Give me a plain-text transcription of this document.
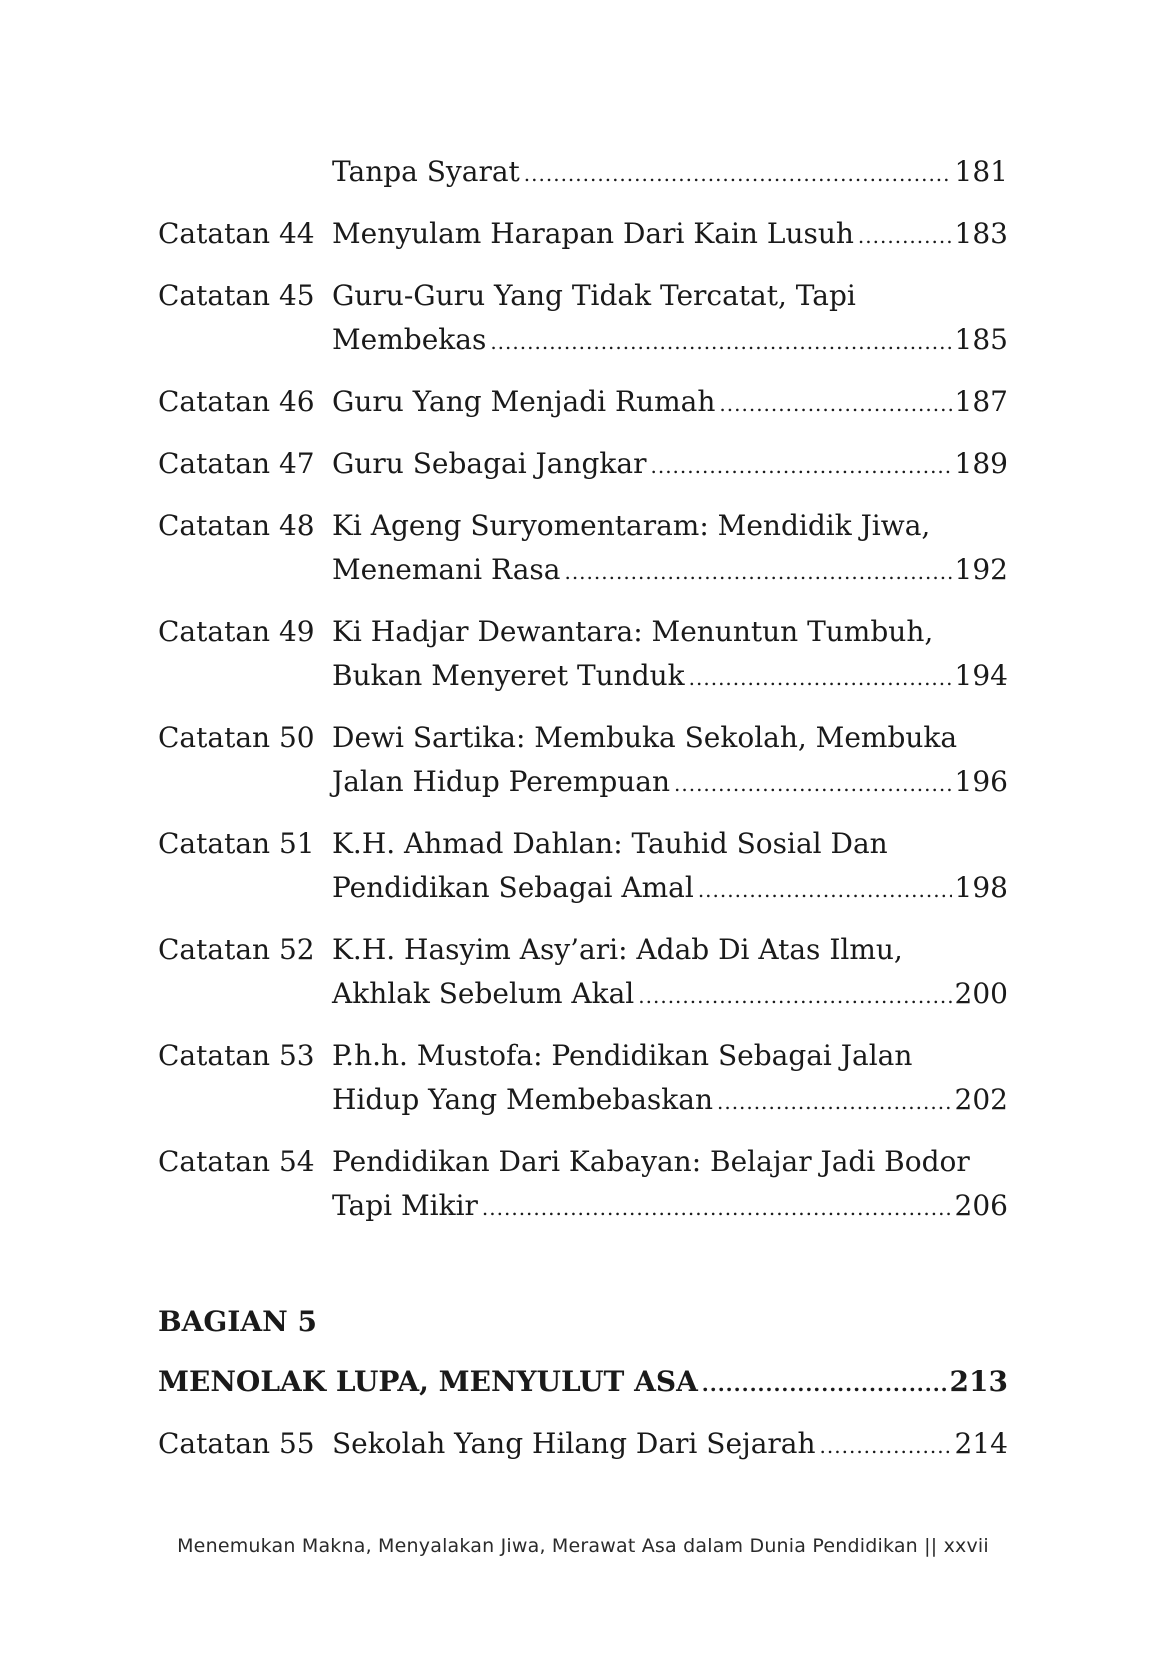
Tanpa Syarat .....	181
Catatan 44 Menyulam Harapan Dari Kain Lusuh .....	183
Catatan 45 Guru-Guru Yang Tidak Tercatat, Tapi
Membekas .....	185
Catatan 46 Guru Yang Menjadi Rumah .....	187
Catatan 47 Guru Sebagai Jangkar .....	189
Catatan 48 Ki Ageng Suryomentaram: Mendidik Jiwa,
Menemani Rasa .....	192
Catatan 49 Ki Hadjar Dewantara: Menuntun Tumbuh,
Bukan Menyeret Tunduk .....	194
Catatan 50 Dewi Sartika: Membuka Sekolah, Membuka
Jalan Hidup Perempuan .....	196
Catatan 51 K.H. Ahmad Dahlan: Tauhid Sosial Dan
Pendidikan Sebagai Amal .....	198
Catatan 52 K.H. Hasyim Asy’ari: Adab Di Atas Ilmu,
Akhlak Sebelum Akal .....	200
Catatan 53 P.h.h. Mustofa: Pendidikan Sebagai Jalan
Hidup Yang Membebaskan .....	202
Catatan 54 Pendidikan Dari Kabayan: Belajar Jadi Bodor
Tapi Mikir .....	206
BAGIAN 5
MENOLAK LUPA, MENYULUT ASA .....	213
Catatan 55 Sekolah Yang Hilang Dari Sejarah .....	214
Menemukan Makna, Menyalakan Jiwa, Merawat Asa dalam Dunia Pendidikan || xxvii
